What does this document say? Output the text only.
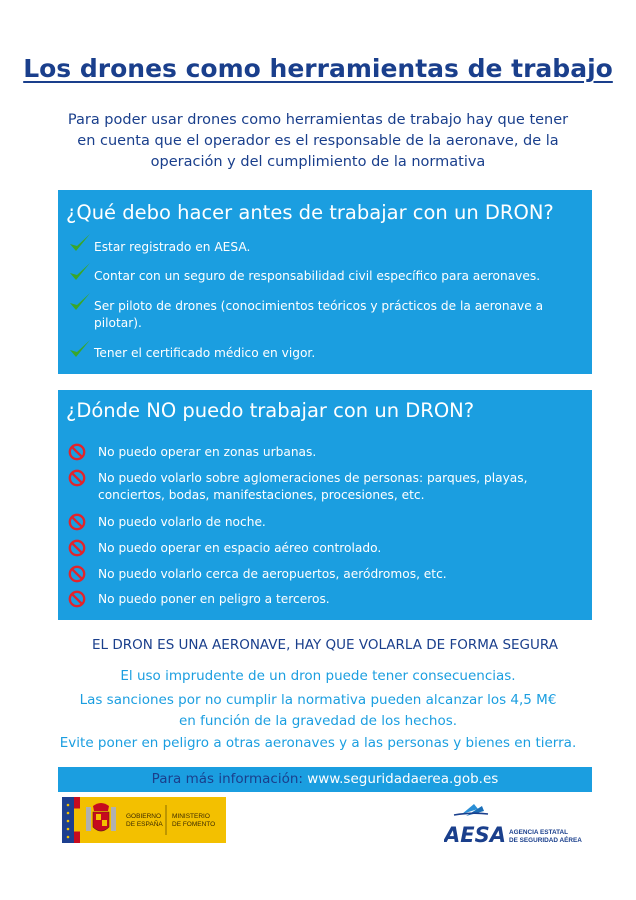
Los drones como herramientas de trabajo
Para poder usar drones como herramientas de trabajo hay que tener
en cuenta que el operador es el responsable de la aeronave, de la
operación y del cumplimiento de la normativa
¿Qué debo hacer antes de trabajar con un DRON?
Estar registrado en AESA.
Contar con un seguro de responsabilidad civil específico para aeronaves.
Ser piloto de drones (conocimientos teóricos y prácticos de la aeronave a pilotar).
Tener el certificado médico en vigor.
¿Dónde NO puedo trabajar con un DRON?
No puedo operar en zonas urbanas.
No puedo volarlo sobre aglomeraciones de personas: parques, playas, conciertos, bodas, manifestaciones, procesiones, etc.
No puedo volarlo de noche.
No puedo operar en espacio aéreo controlado.
No puedo volarlo cerca de aeropuertos, aeródromos, etc.
No puedo poner en peligro a terceros.
EL DRON ES UNA AERONAVE, HAY QUE VOLARLA DE FORMA SEGURA
El uso imprudente de un dron puede tener consecuencias.
Las sanciones por no cumplir la normativa pueden alcanzar los 4,5 M€
en función de la gravedad de los hechos.
Evite poner en peligro a otras aeronaves y a las personas y bienes en tierra.
Para más información: www.seguridadaerea.gob.es
GOBIERNO
DE ESPAÑA
MINISTERIO
DE FOMENTO	AESA AGENCIA ESTATAL
DE SEGURIDAD AÉREA
